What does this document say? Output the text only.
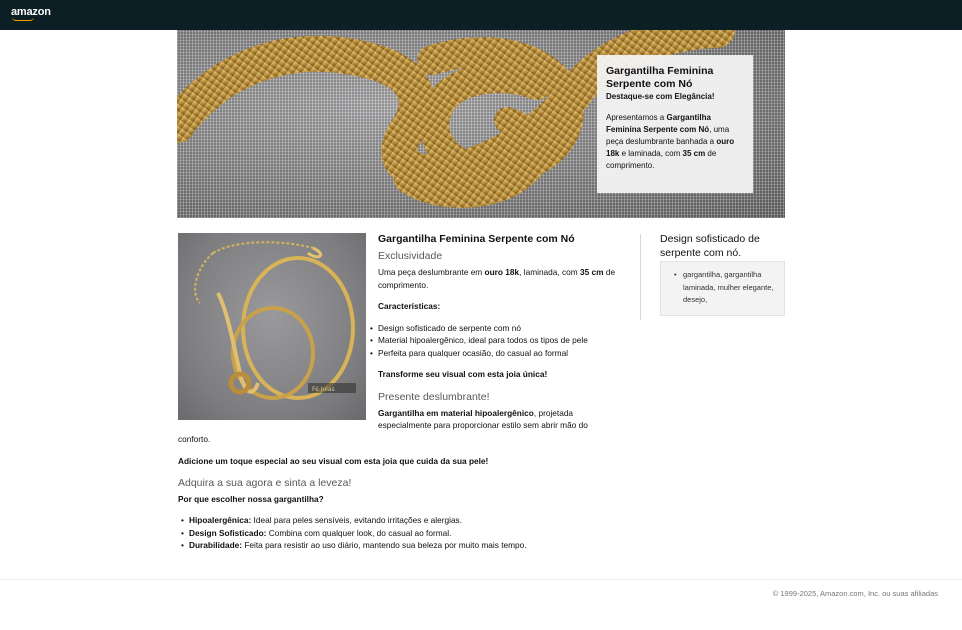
amazon
Gargantilha Feminina Serpente com Nó
Destaque-se com Elegância!
Apresentamos a Gargantilha Feminina Serpente com Nó, uma peça deslumbrante banhada a ouro 18k e laminada, com 35 cm de comprimento.
Fé.Joias
Gargantilha Feminina Serpente com Nó
Exclusividade
Uma peça deslumbrante em ouro 18k, laminada, com 35 cm de comprimento.
Características:
• Design sofisticado de serpente com nó
• Material hipoalergênico, ideal para todos os tipos de pele
• Perfeita para qualquer ocasião, do casual ao formal
Transforme seu visual com esta joia única!
Presente deslumbrante!
Gargantilha em material hipoalergênico, projetada especialmente para proporcionar estilo sem abrir mão do
conforto.
Adicione um toque especial ao seu visual com esta joia que cuida da sua pele!
Adquira a sua agora e sinta a leveza!
Por que escolher nossa gargantilha?
• Hipoalergênica: Ideal para peles sensíveis, evitando irritações e alergias.
• Design Sofisticado: Combina com qualquer look, do casual ao formal.
• Durabilidade: Feita para resistir ao uso diário, mantendo sua beleza por muito mais tempo.
Design sofisticado de serpente com nó.
• gargantilha, gargantilha laminada, mulher elegante, desejo,
© 1999-2025, Amazon.com, Inc. ou suas afiliadas
